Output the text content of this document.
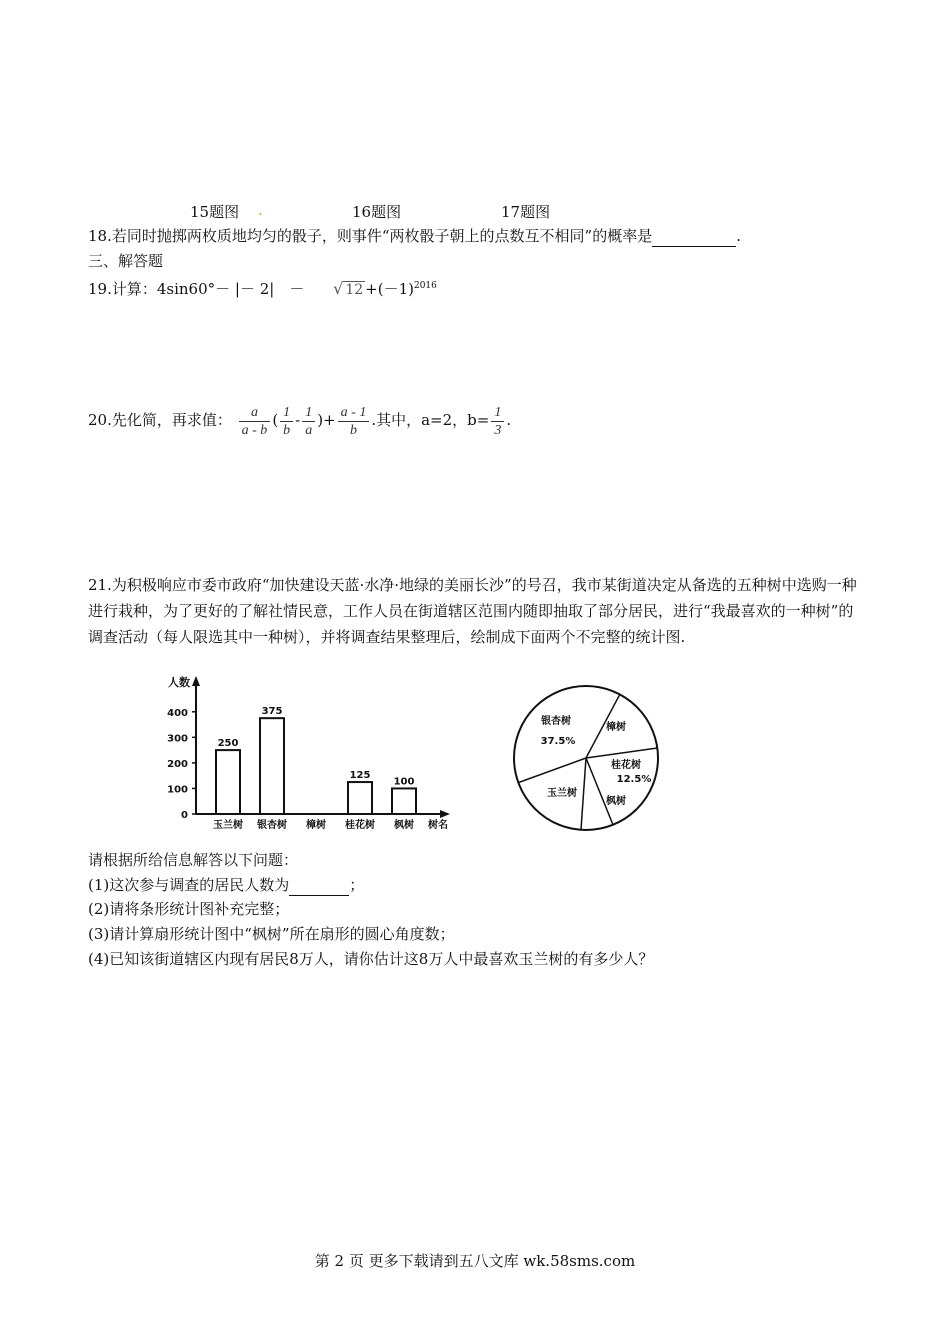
15题图 .	16题图	17题图
18.若同时抛掷两枚质地均匀的骰子，则事件“两枚骰子朝上的点数互不相同”的概率是	.
三、解答题
19.计算：4sin60°－ |－ 2|　－ √ $12 +(-1)^{2016}$
20.先化简，再求值： $\frac{a}{a - b}$ ( $\frac{1}{b} - \frac{1}{a}$ )+ $\frac{a - 1}{b}$ .其中，a=2，$b= \frac{1}{3}$ .
21.为积极响应市委市政府“加快建设天蓝·水净·地绿的美丽长沙”的号召，我市某街道决定从备选的五种树中选购一种进行栽种，为了更好的了解社情民意，工作人员在街道辖区范围内随即抽取了部分居民，进行“我最喜欢的一种树”的调查活动（每人限选其中一种树），并将调查结果整理后，绘制成下面两个不完整的统计图.
人数
树名
0
100
200
300
400
250
玉兰树
375
银杏树 樟树
125
桂花树
100
枫树
银杏树
37.5%
樟树
桂花树
12.5%
枫树
玉兰树
请根据所给信息解答以下问题：
(1)这次参与调查的居民人数为	；
(2)请将条形统计图补充完整；
(3)请计算扇形统计图中“枫树”所在扇形的圆心角度数；
(4)已知该街道辖区内现有居民8万人，请你估计这8万人中最喜欢玉兰树的有多少人？
第 2 页 更多下载请到五八文库 wk.58sms.com
